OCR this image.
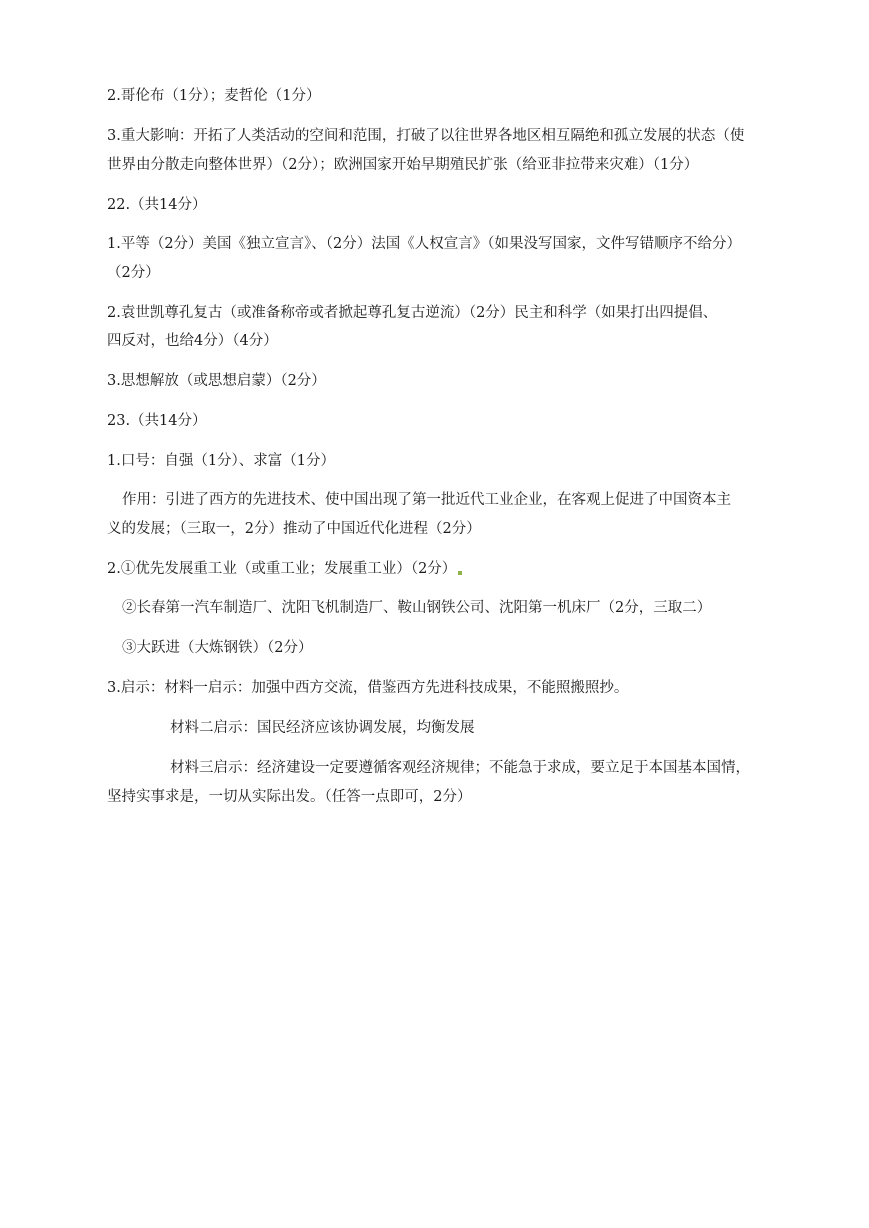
2.哥伦布（1分）；麦哲伦（1分）
3.重大影响：开拓了人类活动的空间和范围，打破了以往世界各地区相互隔绝和孤立发展的状态（使
世界由分散走向整体世界）（2分）；欧洲国家开始早期殖民扩张（给亚非拉带来灾难）（1分）
22.（共14分）
1.平等（2分）美国《独立宣言》、（2分）法国《人权宣言》（如果没写国家，文件写错顺序不给分）
（2分）
2.袁世凯尊孔复古（或准备称帝或者掀起尊孔复古逆流）（2分）民主和科学（如果打出四提倡、
四反对，也给4分）（4分）
3.思想解放（或思想启蒙）（2分）
23.（共14分）
1.口号：自强（1分）、求富（1分）
作用：引进了西方的先进技术、使中国出现了第一批近代工业企业，在客观上促进了中国资本主
义的发展；（三取一，2分）推动了中国近代化进程（2分）
2.①优先发展重工业（或重工业；发展重工业）（2分）
②长春第一汽车制造厂、沈阳飞机制造厂、鞍山钢铁公司、沈阳第一机床厂（2分，三取二）
③大跃进（大炼钢铁）（2分）
3.启示：材料一启示：加强中西方交流，借鉴西方先进科技成果，不能照搬照抄。
材料二启示：国民经济应该协调发展，均衡发展
材料三启示：经济建设一定要遵循客观经济规律；不能急于求成，要立足于本国基本国情，
坚持实事求是，一切从实际出发。（任答一点即可，2分）
